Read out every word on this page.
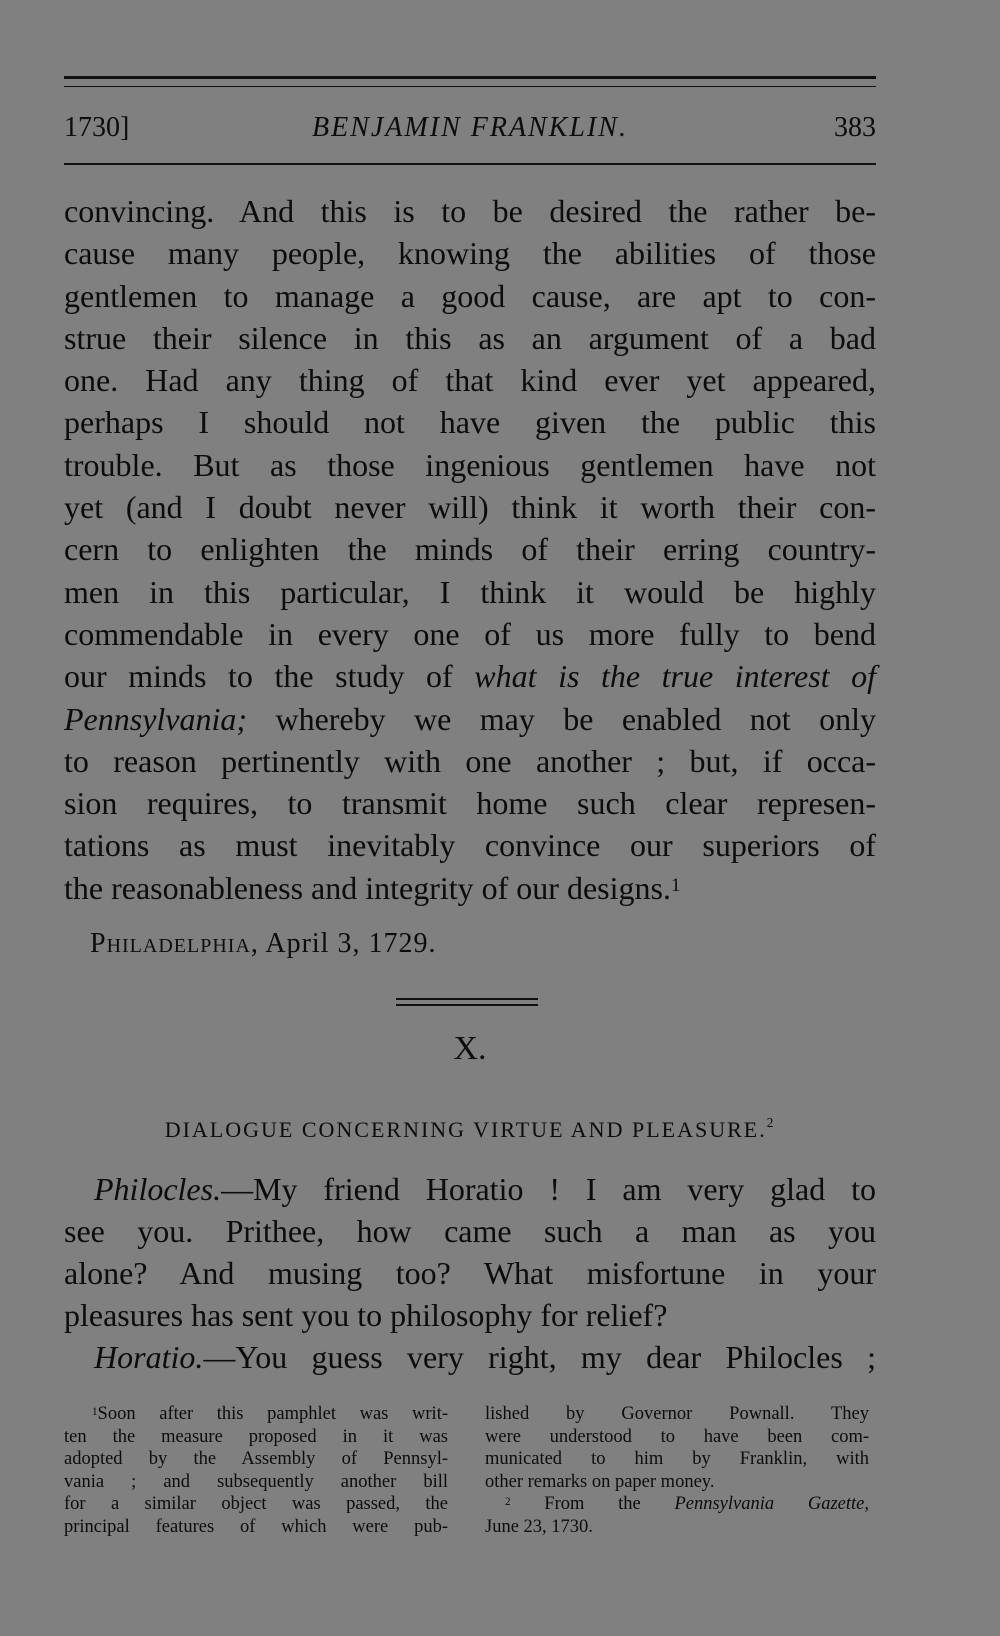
1730]	BENJAMIN FRANKLIN.	383
convincing. And this is to be desired the rather be-
cause many people, knowing the abilities of those
gentlemen to manage a good cause, are apt to con-
strue their silence in this as an argument of a bad
one. Had any thing of that kind ever yet appeared,
perhaps I should not have given the public this
trouble. But as those ingenious gentlemen have not
yet (and I doubt never will) think it worth their con-
cern to enlighten the minds of their erring country-
men in this particular, I think it would be highly
commendable in every one of us more fully to bend
our minds to the study of what is the true interest of
Pennsylvania; whereby we may be enabled not only
to reason pertinently with one another ; but, if occa-
sion requires, to transmit home such clear represen-
tations as must inevitably convince our superiors of
the reasonableness and integrity of our designs.$^1$
Philadelphia, April 3, 1729.
X.
DIALOGUE CONCERNING VIRTUE AND PLEASURE.$^2$
Philocles.—My friend Horatio ! I am very glad to
see you. Prithee, how came such a man as you
alone? And musing too? What misfortune in your
pleasures has sent you to philosophy for relief?
Horatio.—You guess very right, my dear Philocles ;
$^1$Soon after this pamphlet was writ-
ten the measure proposed in it was
adopted by the Assembly of Pennsyl-
vania ; and subsequently another bill
for a similar object was passed, the
principal features of which were pub-
lished by Governor Pownall. They
were understood to have been com-
municated to him by Franklin, with
other remarks on paper money.
$^2$ From the Pennsylvania Gazette,
June 23, 1730.
